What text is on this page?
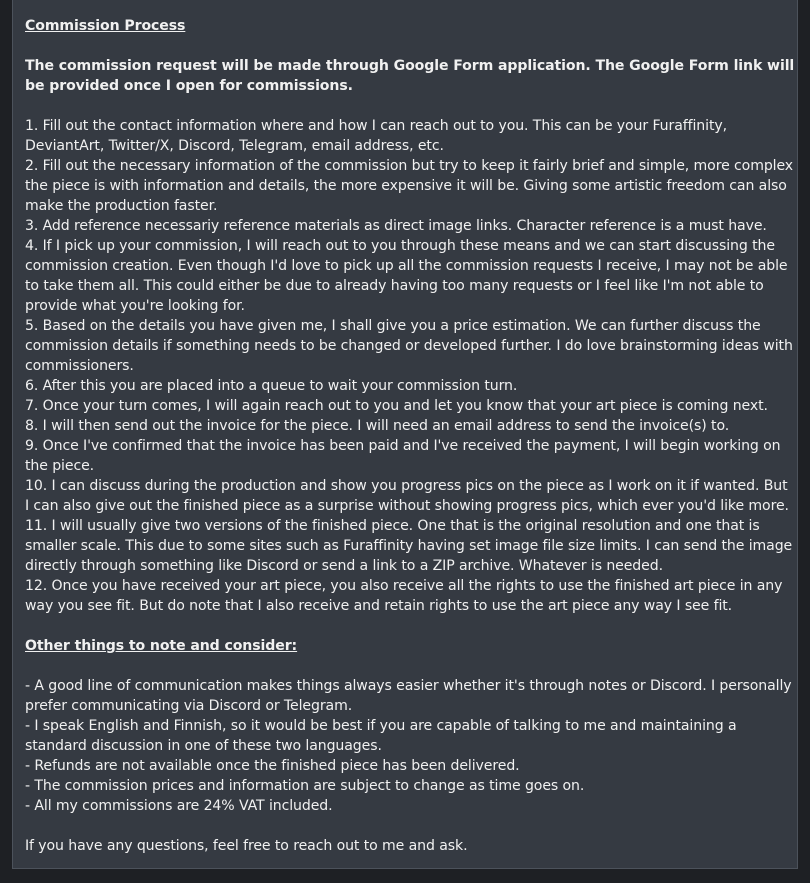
Commission Process

The commission request will be made through Google Form application. The Google Form link will be provided once I open for commissions.

1. Fill out the contact information where and how I can reach out to you. This can be your Furaffinity, DeviantArt, Twitter/X, Discord, Telegram, email address, etc.

2. Fill out the necessary information of the commission but try to keep it fairly brief and simple, more complex the piece is with information and details, the more expensive it will be. Giving some artistic freedom can also make the production faster.

3. Add reference necessariy reference materials as direct image links. Character reference is a must have.

4. If I pick up your commission, I will reach out to you through these means and we can start discussing the commission creation. Even though I'd love to pick up all the commission requests I receive, I may not be able to take them all. This could either be due to already having too many requests or I feel like I'm not able to provide what you're looking for.

5. Based on the details you have given me, I shall give you a price estimation. We can further discuss the commission details if something needs to be changed or developed further. I do love brainstorming ideas with commissioners.

6. After this you are placed into a queue to wait your commission turn.

7. Once your turn comes, I will again reach out to you and let you know that your art piece is coming next.

8. I will then send out the invoice for the piece. I will need an email address to send the invoice(s) to.

9. Once I've confirmed that the invoice has been paid and I've received the payment, I will begin working on the piece.

10. I can discuss during the production and show you progress pics on the piece as I work on it if wanted. But I can also give out the finished piece as a surprise without showing progress pics, which ever you'd like more.

11. I will usually give two versions of the finished piece. One that is the original resolution and one that is smaller scale. This due to some sites such as Furaffinity having set image file size limits. I can send the image directly through something like Discord or send a link to a ZIP archive. Whatever is needed.

12. Once you have received your art piece, you also receive all the rights to use the finished art piece in any way you see fit. But do note that I also receive and retain rights to use the art piece any way I see fit.

Other things to note and consider:

- A good line of communication makes things always easier whether it's through notes or Discord. I personally prefer communicating via Discord or Telegram.

- I speak English and Finnish, so it would be best if you are capable of talking to me and maintaining a standard discussion in one of these two languages.

- Refunds are not available once the finished piece has been delivered.

- The commission prices and information are subject to change as time goes on.

- All my commissions are 24% VAT included.

If you have any questions, feel free to reach out to me and ask.
